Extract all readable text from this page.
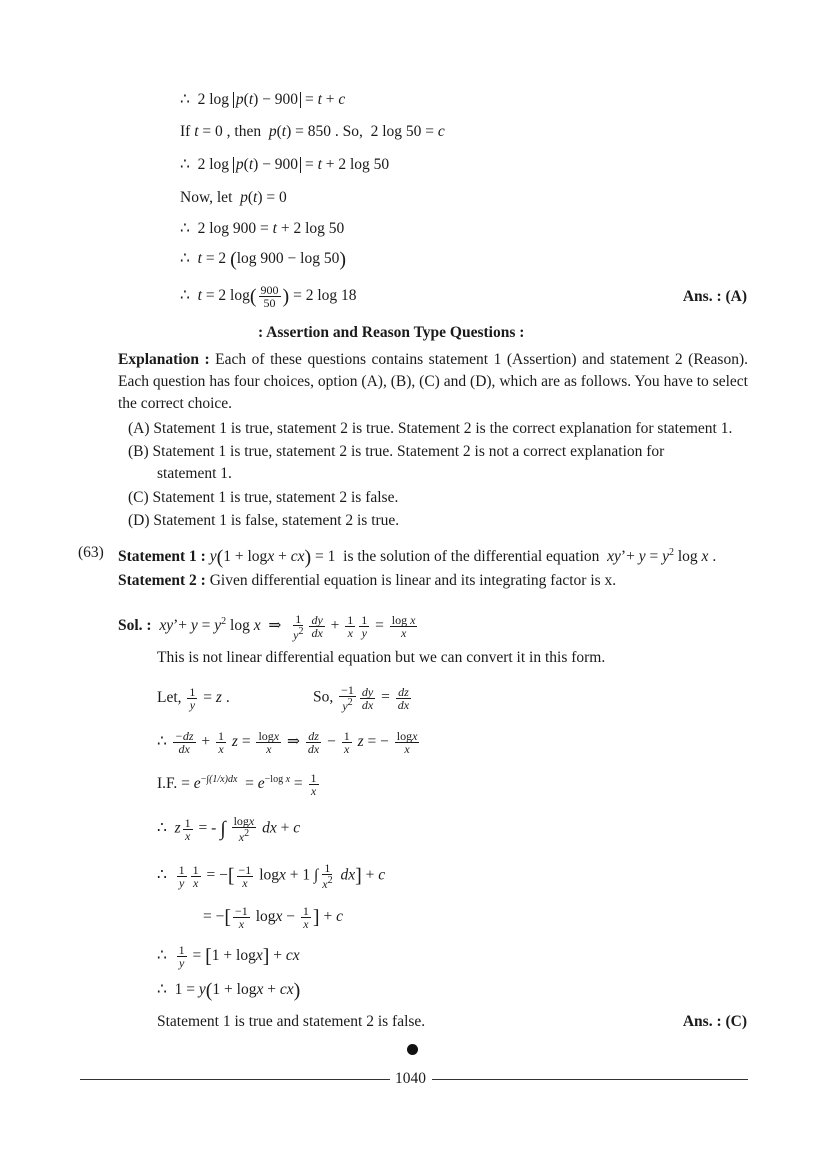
∴  2 log p(t) − 900 = t + c
If t = 0 , then  p(t) = 850 . So,  2 log 50 = c
∴  2 log p(t) − 900 = t + 2 log 50
Now, let  p(t) = 0
∴  2 log 900 = t + 2 log 50
∴  t = 2 (log 900 − log 50)
∴  t = 2 $\log( \frac{900}{50}$ ) = 2 log 18	Ans. : (A)
: Assertion and Reason Type Questions :
Explanation : Each of these questions contains statement 1 (Assertion) and statement 2 (Reason). Each question has four choices, option (A), (B), (C) and (D), which are as follows. You have to select the correct choice.
(A) Statement 1 is true, statement 2 is true. Statement 2 is the correct explanation for statement 1.
(B) Statement 1 is true, statement 2 is true. Statement 2 is not a correct explanation for
statement 1.
(C) Statement 1 is true, statement 2 is false.
(D) Statement 1 is false, statement 2 is true.
(63) Statement 1 : y(1 + logx + cx) = 1  is the solution of the differential equation xy’+ $y = y^2$ log x .
Statement 2 : Given differential equation is linear and its integrating factor is x.
Sol. : xy’+ $y = y^2$ log x  ⇒ $\frac{1}{y^2} \frac{dy}{dx} + \frac{1}{x} \frac{1}{y} = \frac{\text{log x}}{x}$
This is not linear differential equation but we can convert it in this form.
Let, $\frac{1}{y} = z$ .	So, $\frac{-1}{y^2} \frac{dy}{dx} = \frac{dz}{dx}$
∴ $\frac{-dz}{dx} + \frac{1}{x}$ $z = \frac{\log x}{x}$ ⇒ $\frac{dz}{dx} - \frac{1}{x}$ z = − $\frac{\log x}{x}$
I.F. = $e^{-\int(1/x)dx} = e^{-log x} = \frac{1}{x}$
∴  z $\frac{1}{x}$ = - ∫ $\frac{\log x}{x^2}$ dx + c
∴ $\frac{1}{y} \frac{1}{x}$ = −[ $\frac{-1}{x}$ logx + 1 ∫ $\frac{1}{x^2} dx] + c$
= −[ $\frac{-1}{x}$ $\log x - \frac{1}{x}$ ] + c
∴ $\frac{1}{y} = [1 + \log x]$ + cx
∴  1 = y(1 + logx + cx)
Statement 1 is true and statement 2 is false.	Ans. : (C)
1040
